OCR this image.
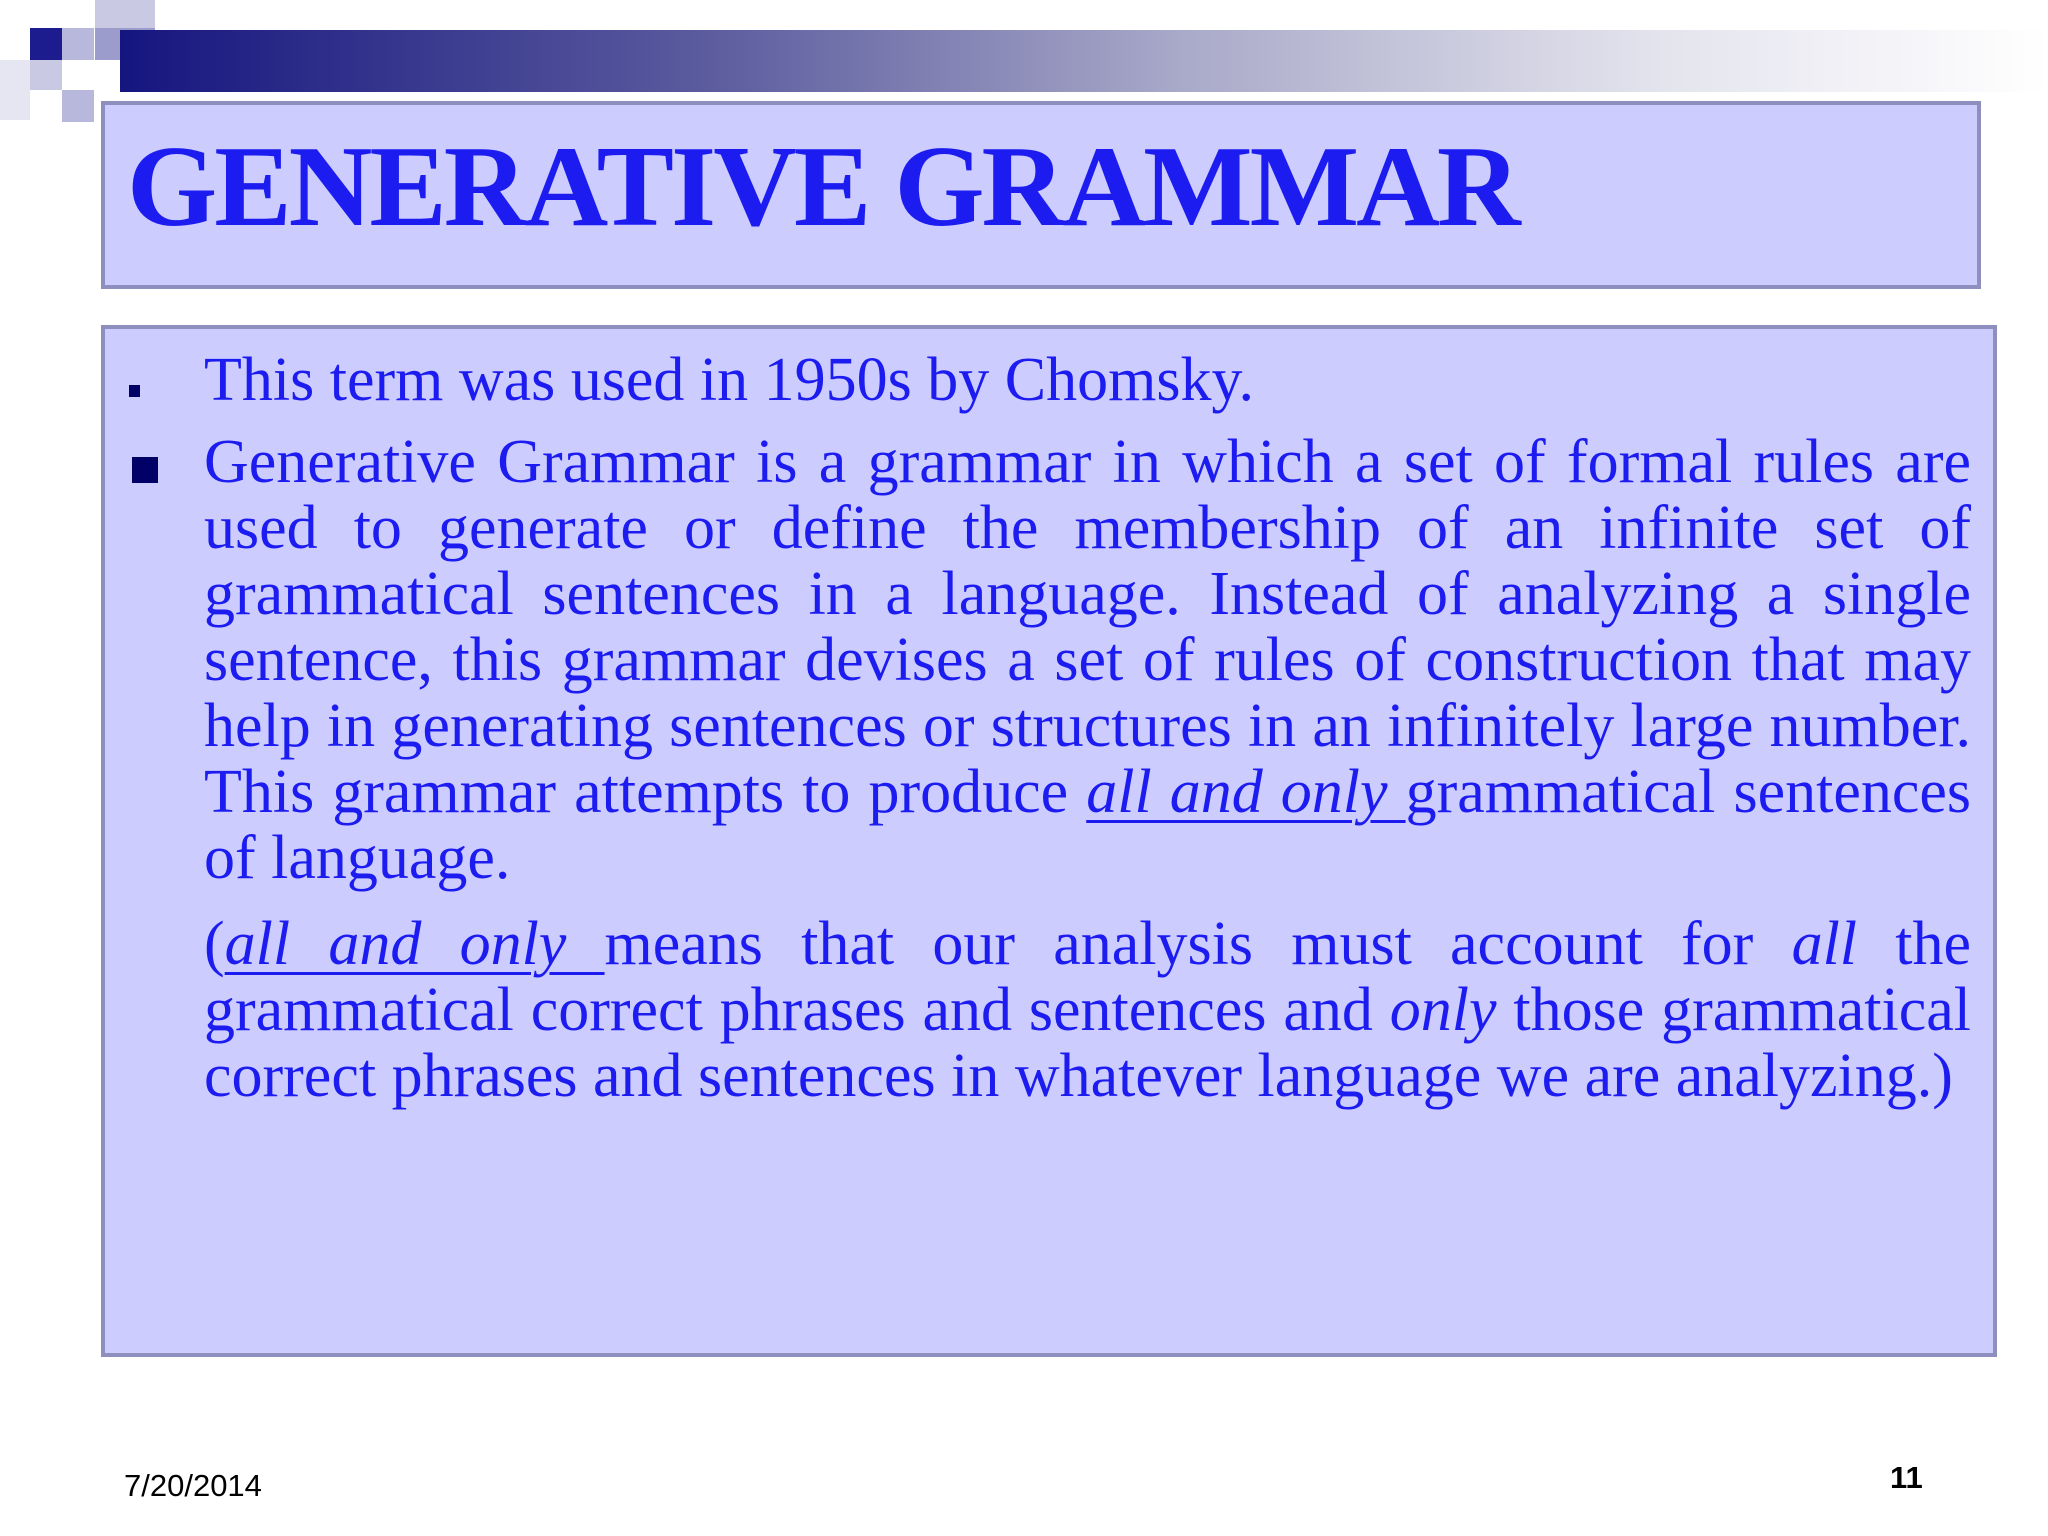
GENERATIVE GRAMMAR

This term was used in 1950s by Chomsky.

Generative Grammar is a grammar in which a set of formal rules are used to generate or define the membership of an infinite set of grammatical sentences in a language. Instead of analyzing a single sentence, this grammar devises a set of rules of construction that may help in generating sentences or structures in an infinitely large number. This grammar attempts to produce all and only grammatical sentences of language.

(all and only means that our analysis must account for all the grammatical correct phrases and sentences and only those grammatical correct phrases and sentences in whatever language we are analyzing.)

7/20/2014	11
